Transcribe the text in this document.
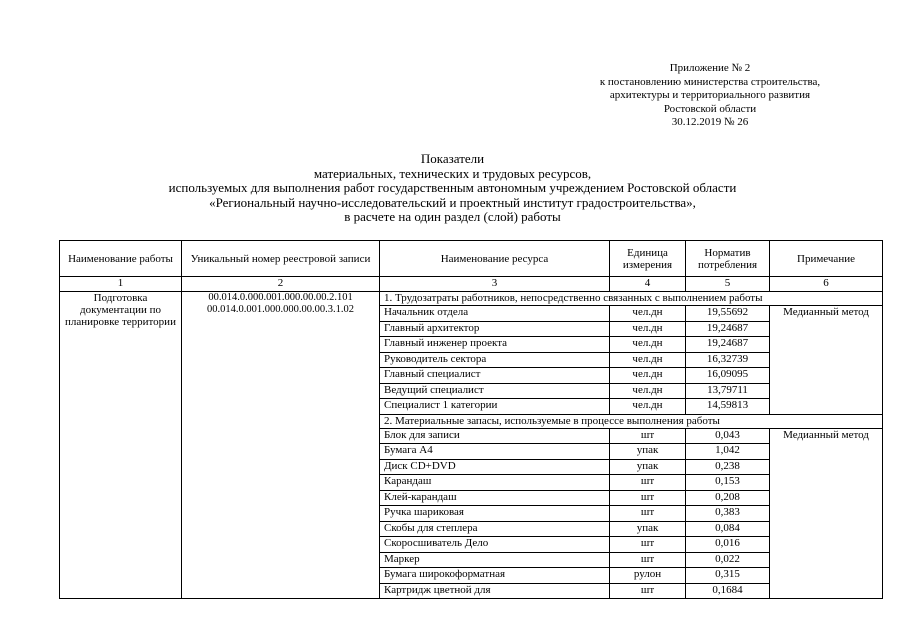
Приложение № 2
к постановлению министерства строительства,
архитектуры и территориального развития
Ростовской области
30.12.2019 № 26
Показатели
материальных, технических и трудовых ресурсов,
используемых для выполнения работ государственным автономным учреждением Ростовской области
«Региональный научно-исследовательский и проектный институт градостроительства»,
в расчете на один раздел (слой) работы
Наименование работы	Уникальный номер реестровой записи	Наименование ресурса	Единица измерения	Норматив потребления	Примечание
1	2	3	4	5	6
Подготовка документации по планировке территории	00.014.0.000.001.000.00.00.2.101 00.014.0.001.000.000.00.00.3.1.02	1. Трудозатраты работников, непосредственно связанных с выполнением работы			
		Начальник отдела	чел.дн	19,55692	Медианный метод
		Главный архитектор	чел.дн	19,24687	
		Главный инженер проекта	чел.дн	19,24687	
		Руководитель сектора	чел.дн	16,32739	
		Главный специалист	чел.дн	16,09095	
		Ведущий специалист	чел.дн	13,79711	
		Специалист 1 категории	чел.дн	14,59813	
		2. Материальные запасы, используемые в процессе выполнения работы			
		Блок для записи	шт	0,043	Медианный метод
		Бумага А4	упак	1,042	
		Диск CD+DVD	упак	0,238	
		Карандаш	шт	0,153	
		Клей-карандаш	шт	0,208	
		Ручка шариковая	шт	0,383	
		Скобы для степлера	упак	0,084	
		Скоросшиватель Дело	шт	0,016	
		Маркер	шт	0,022	
		Бумага широкоформатная	рулон	0,315	
		Картридж цветной для	шт	0,1684	
